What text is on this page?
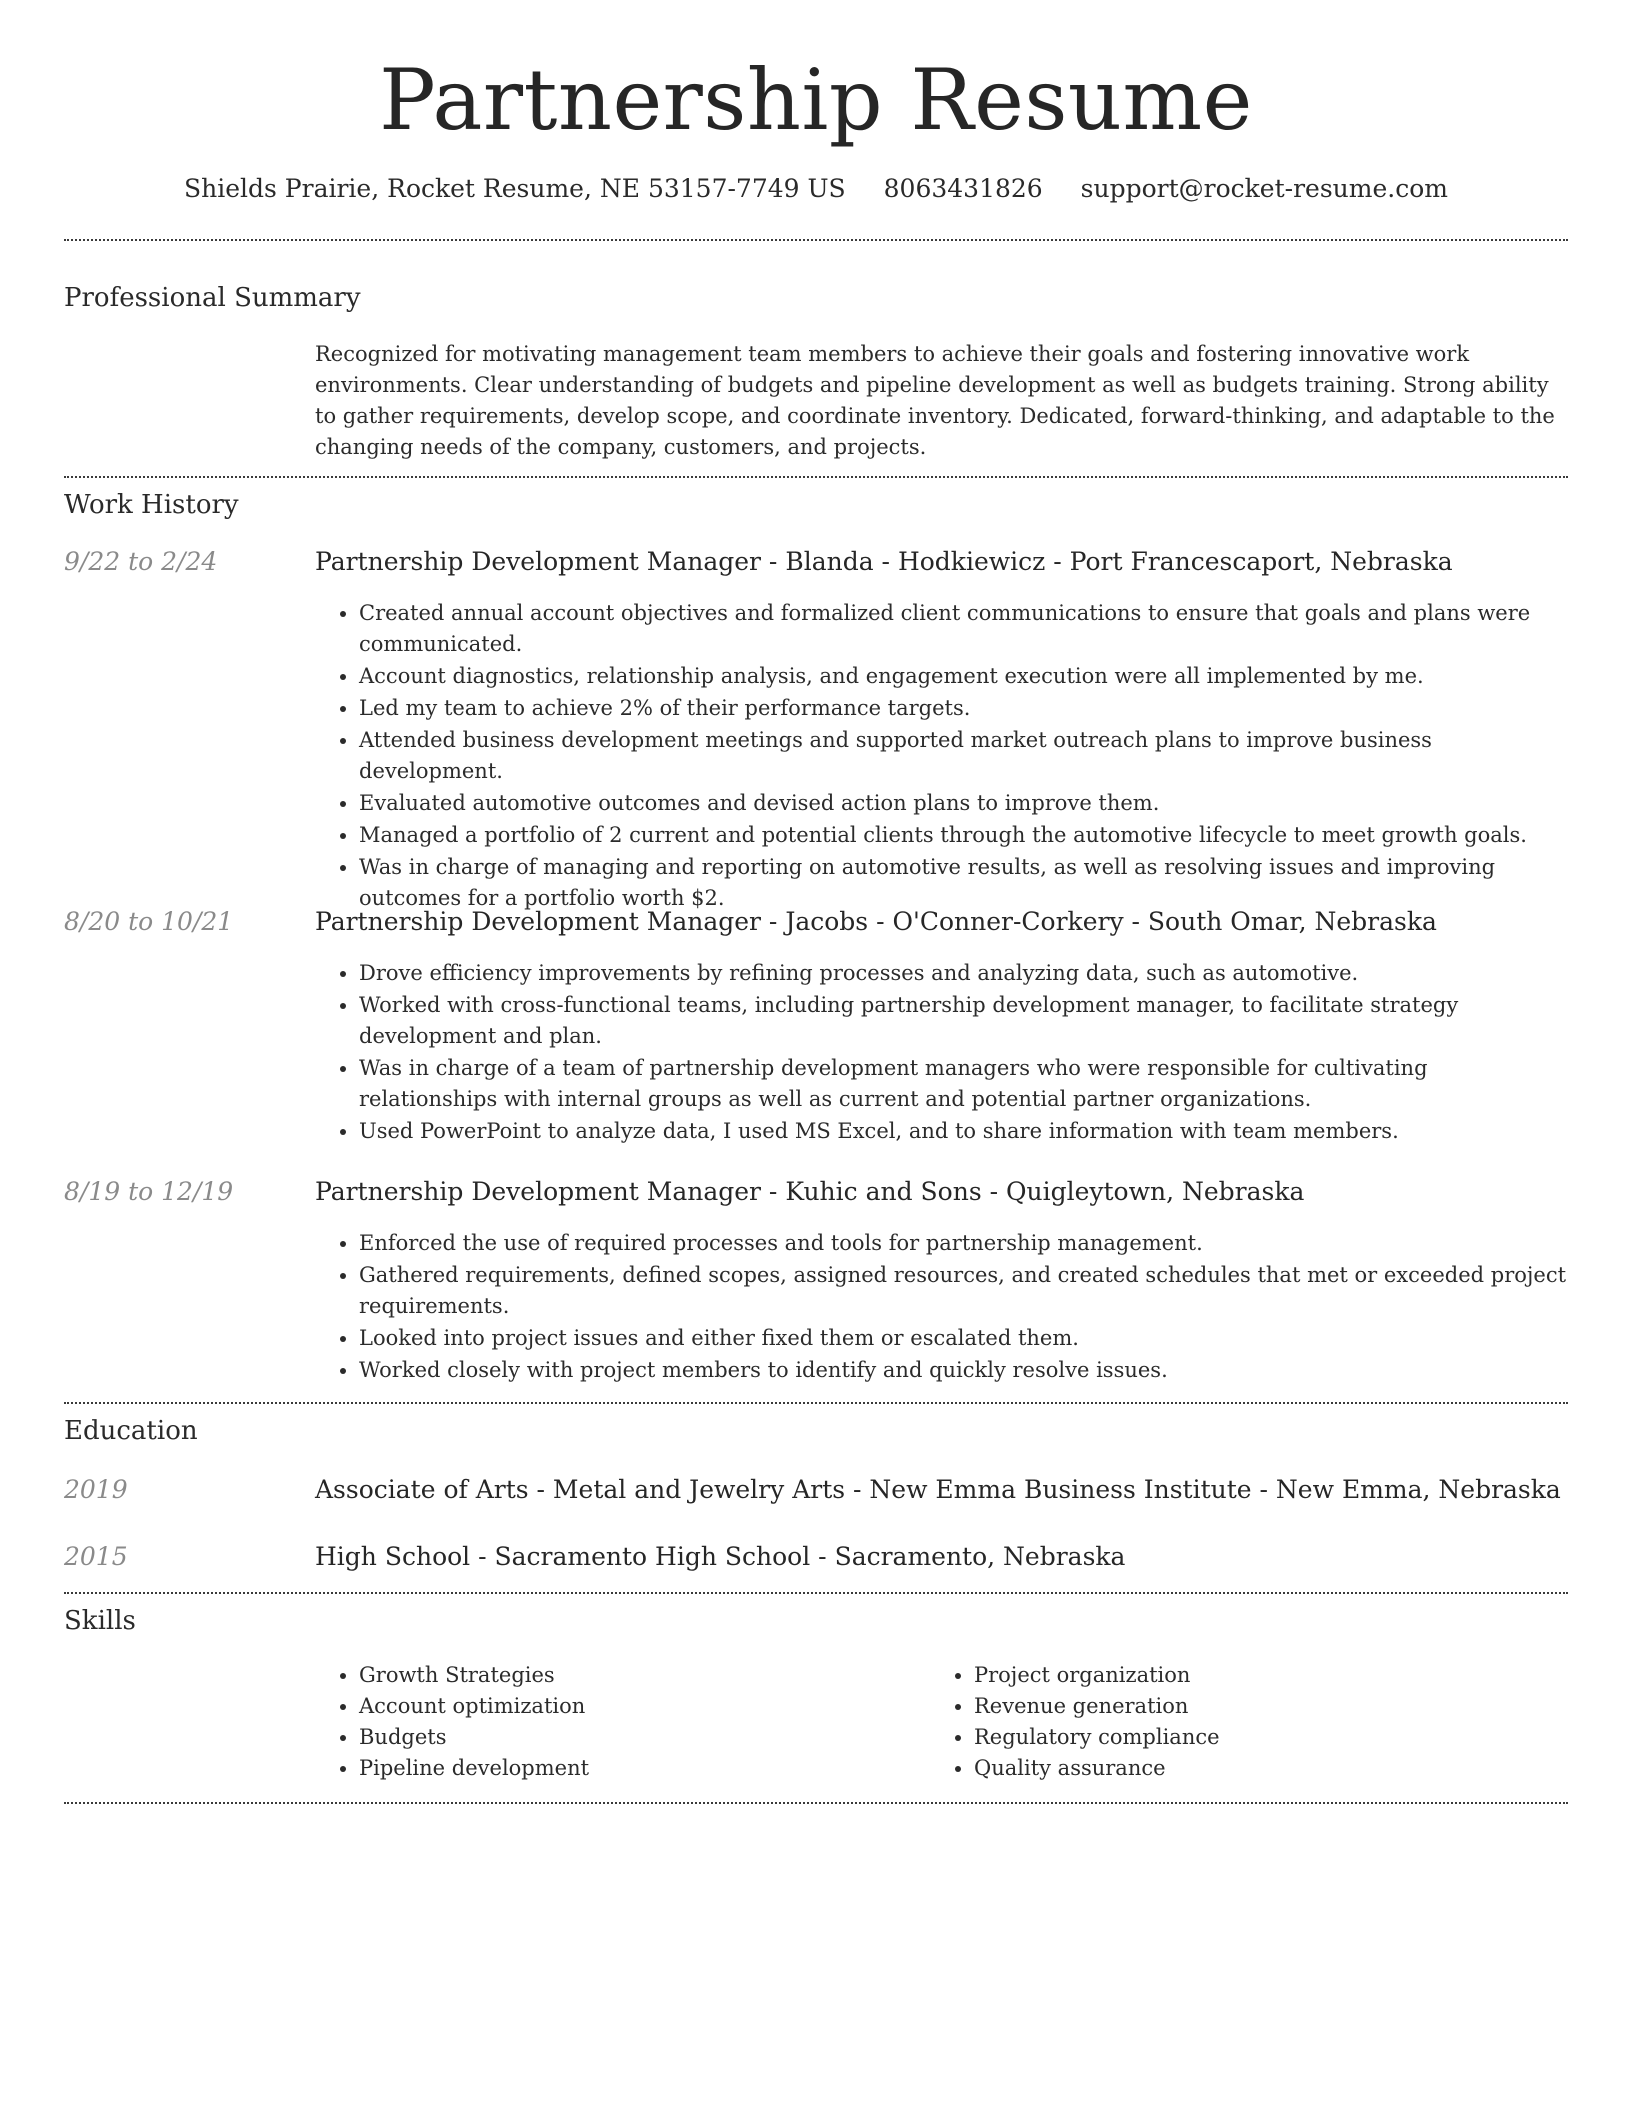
Partnership Resume
Shields Prairie, Rocket Resume, NE 53157-7749 US 8063431826 support@rocket-resume.com
Professional Summary

Recognized for motivating management team members to achieve their goals and fostering innovative work environments. Clear understanding of budgets and pipeline development as well as budgets training. Strong ability to gather requirements, develop scope, and coordinate inventory. Dedicated, forward-thinking, and adaptable to the changing needs of the company, customers, and projects.

Work History
9/22 to 2/24	Partnership Development Manager - Blanda - Hodkiewicz - Port Francescaport, Nebraska
• Created annual account objectives and formalized client communications to ensure that goals and plans were communicated.
• Account diagnostics, relationship analysis, and engagement execution were all implemented by me.
• Led my team to achieve 2% of their performance targets.
• Attended business development meetings and supported market outreach plans to improve business development.
• Evaluated automotive outcomes and devised action plans to improve them.
• Managed a portfolio of 2 current and potential clients through the automotive lifecycle to meet growth goals.
• Was in charge of managing and reporting on automotive results, as well as resolving issues and improving outcomes for a portfolio worth $2.
8/20 to 10/21	Partnership Development Manager - Jacobs - O'Conner-Corkery - South Omar, Nebraska
• Drove efficiency improvements by refining processes and analyzing data, such as automotive.
• Worked with cross-functional teams, including partnership development manager, to facilitate strategy development and plan.
• Was in charge of a team of partnership development managers who were responsible for cultivating relationships with internal groups as well as current and potential partner organizations.
• Used PowerPoint to analyze data, I used MS Excel, and to share information with team members.
8/19 to 12/19	Partnership Development Manager - Kuhic and Sons - Quigleytown, Nebraska
• Enforced the use of required processes and tools for partnership management.
• Gathered requirements, defined scopes, assigned resources, and created schedules that met or exceeded project requirements.
• Looked into project issues and either fixed them or escalated them.
• Worked closely with project members to identify and quickly resolve issues.
Education
2019	Associate of Arts - Metal and Jewelry Arts - New Emma Business Institute - New Emma, Nebraska
2015	High School - Sacramento High School - Sacramento, Nebraska
Skills
• Growth Strategies
• Account optimization
• Budgets
• Pipeline development
• Project organization
• Revenue generation
• Regulatory compliance
• Quality assurance
